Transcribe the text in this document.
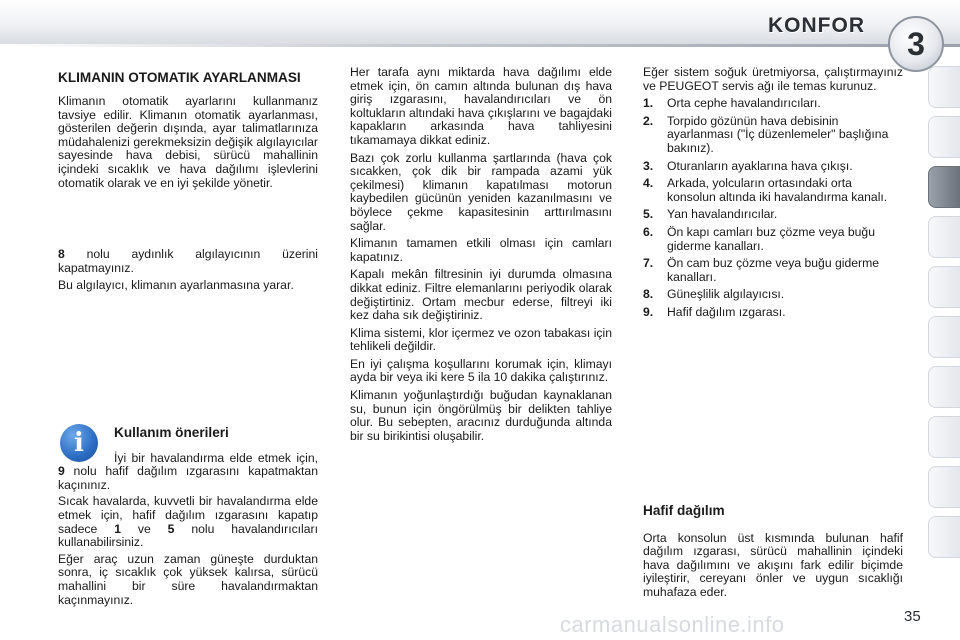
KONFOR
3
KLIMANIN OTOMATIK AYARLANMASI

Klimanın otomatik ayarlarını kullanmanız tavsiye edilir. Klimanın otomatik ayarlanması, gösterilen değerin dışında, ayar talimatlarınıza müdahalenizi gerekmeksizin değişik algılayıcılar sayesinde hava debisi, sürücü mahallinin içindeki sıcaklık ve hava dağılımı işlevlerini otomatik olarak ve en iyi şekilde yönetir.

8 nolu aydınlık algılayıcının üzerini kapatmayınız.

Bu algılayıcı, klimanın ayarlanmasına yarar.

i	Kullanım önerileri

İyi bir havalandırma elde etmek için, 9 nolu hafif dağılım ızgarasını kapatmaktan kaçınınız.

Sıcak havalarda, kuvvetli bir havalandırma elde etmek için, hafif dağılım ızgarasını kapatıp sadece 1 ve 5 nolu havalandırıcıları kullanabilirsiniz.

Eğer araç uzun zaman güneşte durduktan sonra, iç sıcaklık çok yüksek kalırsa, sürücü mahallini bir süre havalandırmaktan kaçınmayınız.

Her tarafa aynı miktarda hava dağılımı elde etmek için, ön camın altında bulunan dış hava giriş ızgarasını, havalandırıcıları ve ön koltukların altındaki hava çıkışlarını ve bagajdaki kapakların arkasında hava tahliyesini tıkamamaya dikkat ediniz.

Bazı çok zorlu kullanma şartlarında (hava çok sıcakken, çok dik bir rampada azami yük çekilmesi) klimanın kapatılması motorun kaybedilen gücünün yeniden kazanılmasını ve böylece çekme kapasitesinin arttırılmasını sağlar.

Klimanın tamamen etkili olması için camları kapatınız.

Kapalı mekân filtresinin iyi durumda olmasına dikkat ediniz. Filtre elemanlarını periyodik olarak değiştirtiniz. Ortam mecbur ederse, filtreyi iki kez daha sık değiştiriniz.

Klima sistemi, klor içermez ve ozon tabakası için tehlikeli değildir.

En iyi çalışma koşullarını korumak için, klimayı ayda bir veya iki kere 5 ila 10 dakika çalıştırınız.

Klimanın yoğunlaştırdığı buğudan kaynaklanan su, bunun için öngörülmüş bir delikten tahliye olur. Bu sebepten, aracınız durduğunda altında bir su birikintisi oluşabilir.

Eğer sistem soğuk üretmiyorsa, çalıştırmayınız ve PEUGEOT servis ağı ile temas kurunuz.

1.	Orta cephe havalandırıcıları.
2.	Torpido gözünün hava debisinin ayarlanması ("İç düzenlemeler" başlığına bakınız).
3.	Oturanların ayaklarına hava çıkışı.
4.	Arkada, yolcuların ortasındaki orta konsolun altında iki havalandırma kanalı.
5.	Yan havalandırıcılar.
6.	Ön kapı camları buz çözme veya buğu giderme kanalları.
7.	Ön cam buz çözme veya buğu giderme kanalları.
8.	Güneşlilik algılayıcısı.
9.	Hafif dağılım ızgarası.
Hafif dağılım

Orta konsolun üst kısmında bulunan hafif dağılım ızgarası, sürücü mahallinin içindeki hava dağılımını ve akışını fark edilir biçimde iyileştirir, cereyanı önler ve uygun sıcaklığı muhafaza eder.

carmanualsonline.info	35
